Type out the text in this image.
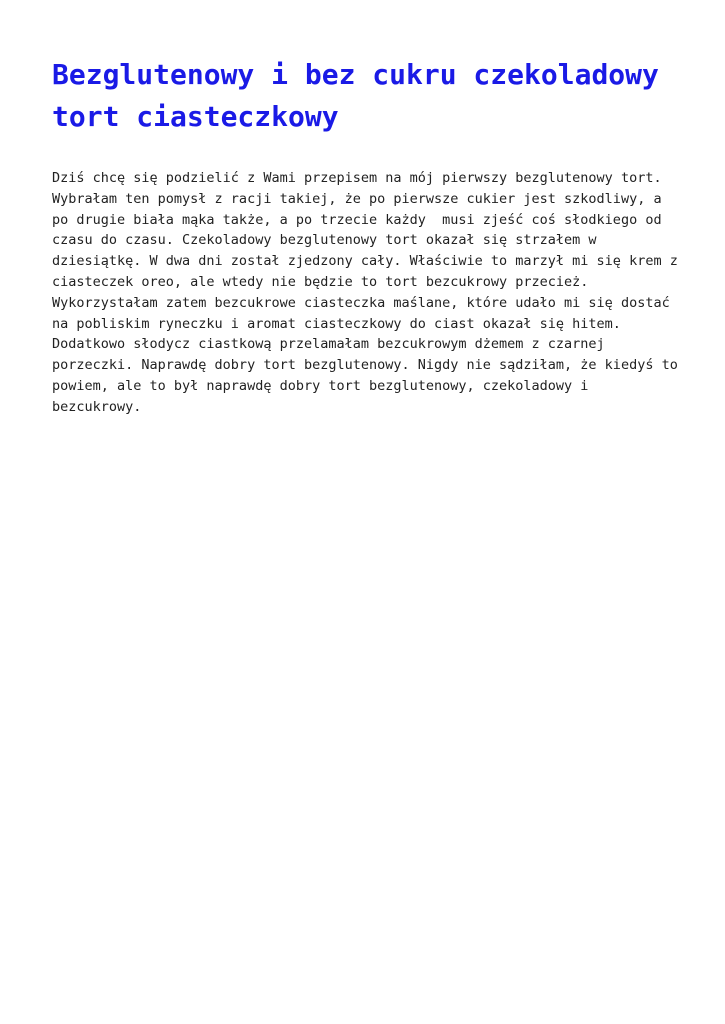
Bezglutenowy i bez cukru czekoladowy
tort ciasteczkowy

Dziś chcę się podzielić z Wami przepisem na mój pierwszy bezglutenowy tort.
Wybrałam ten pomysł z racji takiej, że po pierwsze cukier jest szkodliwy, a
po drugie biała mąka także, a po trzecie każdy  musi zjeść coś słodkiego od
czasu do czasu. Czekoladowy bezglutenowy tort okazał się strzałem w
dziesiątkę. W dwa dni został zjedzony cały. Właściwie to marzył mi się krem z
ciasteczek oreo, ale wtedy nie będzie to tort bezcukrowy przecież.
Wykorzystałam zatem bezcukrowe ciasteczka maślane, które udało mi się dostać
na pobliskim ryneczku i aromat ciasteczkowy do ciast okazał się hitem.
Dodatkowo słodycz ciastkową przelamałam bezcukrowym dżemem z czarnej
porzeczki. Naprawdę dobry tort bezglutenowy. Nigdy nie sądziłam, że kiedyś to
powiem, ale to był naprawdę dobry tort bezglutenowy, czekoladowy i
bezcukrowy.
